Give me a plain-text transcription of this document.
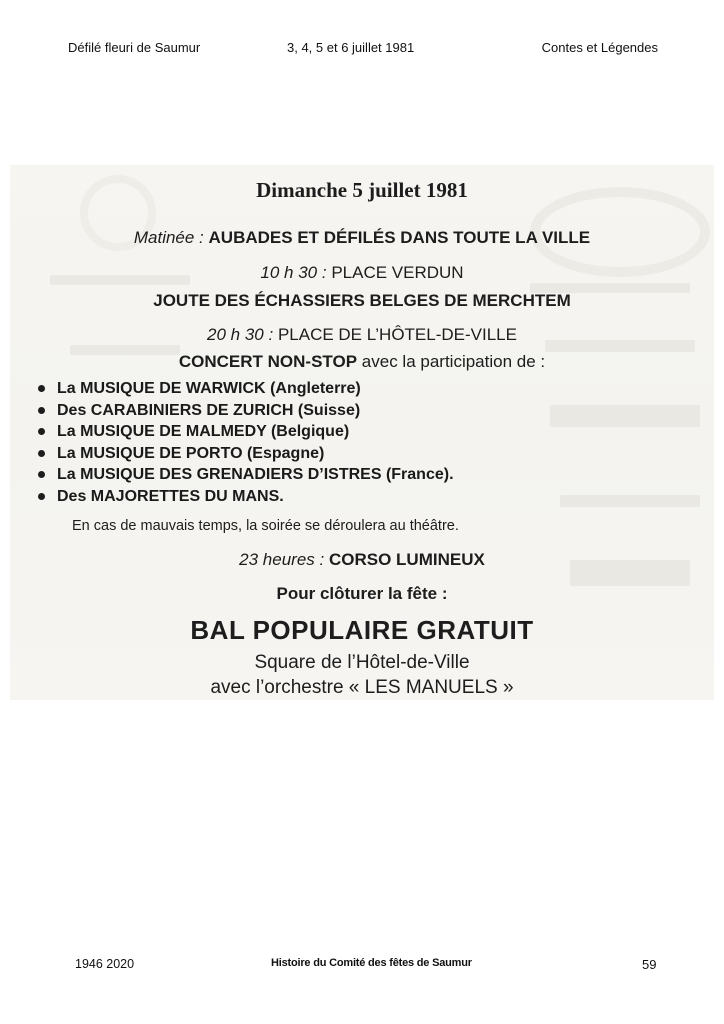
Défilé fleuri de Saumur	3, 4, 5 et 6 juillet 1981	Contes et Légendes
Dimanche 5 juillet 1981
Matinée : AUBADES ET DÉFILÉS DANS TOUTE LA VILLE
10 h 30 : PLACE VERDUN
JOUTE DES ÉCHASSIERS BELGES DE MERCHTEM
20 h 30 : PLACE DE L’HÔTEL-DE-VILLE
CONCERT NON-STOP avec la participation de :
La MUSIQUE DE WARWICK (Angleterre)
Des CARABINIERS DE ZURICH (Suisse)
La MUSIQUE DE MALMEDY (Belgique)
La MUSIQUE DE PORTO (Espagne)
La MUSIQUE DES GRENADIERS D’ISTRES (France).
Des MAJORETTES DU MANS.
En cas de mauvais temps, la soirée se déroulera au théâtre.
23 heures : CORSO LUMINEUX
Pour clôturer la fête :
BAL POPULAIRE GRATUIT
Square de l’Hôtel-de-Ville
avec l’orchestre « LES MANUELS »
1946 2020	Histoire du Comité des fêtes de Saumur	59
